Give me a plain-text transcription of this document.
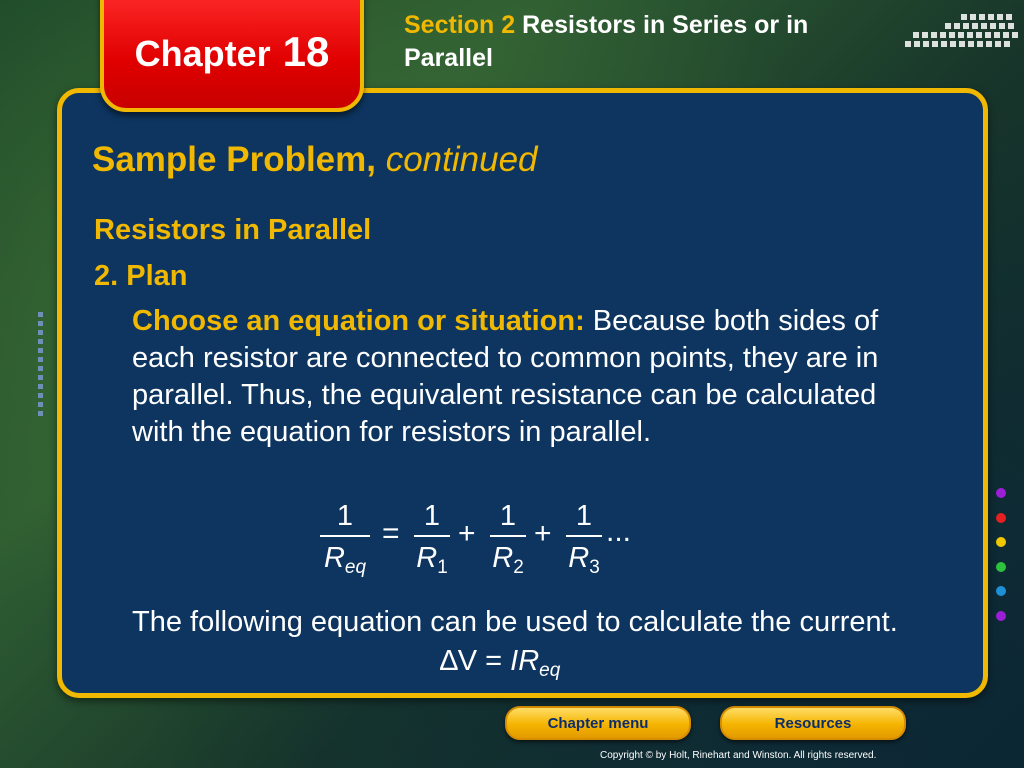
Chapter 18
Section 2 Resistors in Series or in Parallel
Sample Problem, continued
Resistors in Parallel
2. Plan
Choose an equation or situation: Because both sides of each resistor are connected to common points, they are in parallel. Thus, the equivalent resistance can be calculated with the equation for resistors in parallel.
1
$R_{eq}$
=
1
$R_1$
+
1
$R_2$
+
1
$R_3$
...
The following equation can be used to calculate the current.
$\Delta V = IR_{eq}$
Chapter menu	Resources
Copyright © by Holt, Rinehart and Winston. All rights reserved.
